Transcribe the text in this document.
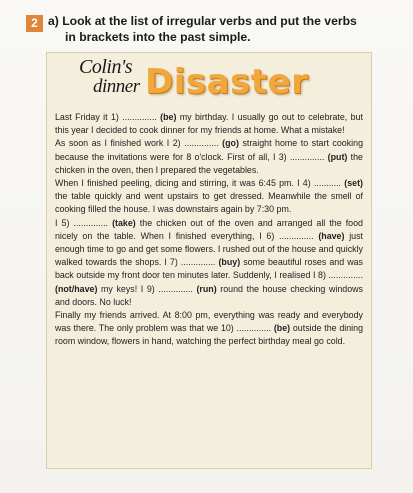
2 a) Look at the list of irregular verbs and put the verbs
in brackets into the past simple.
Colin's
dinner Disaster

Last Friday it 1) .............. (be) my birthday. I usually go out to celebrate, but this year I decided to cook dinner for my friends at home. What a mistake!

As soon as I finished work I 2) .............. (go) straight home to start cooking because the invitations were for 8 o'clock. First of all, I 3) .............. (put) the chicken in the oven, then I prepared the vegetables.

When I finished peeling, dicing and stirring, it was 6:45 pm. I 4) ........... (set) the table quickly and went upstairs to get dressed. Meanwhile the smell of cooking filled the house. I was downstairs again by 7:30 pm.

I 5) .............. (take) the chicken out of the oven and arranged all the food nicely on the table. When I finished everything, I 6) .............. (have) just enough time to go and get some flowers. I rushed out of the house and quickly walked towards the shops. I 7) .............. (buy) some beautiful roses and was back outside my front door ten minutes later. Suddenly, I realised I 8) .............. (not/have) my keys! I 9) .............. (run) round the house checking windows and doors. No luck!

Finally my friends arrived. At 8:00 pm, everything was ready and everybody was there. The only problem was that we 10) .............. (be) outside the dining room window, flowers in hand, watching the perfect birthday meal go cold.
